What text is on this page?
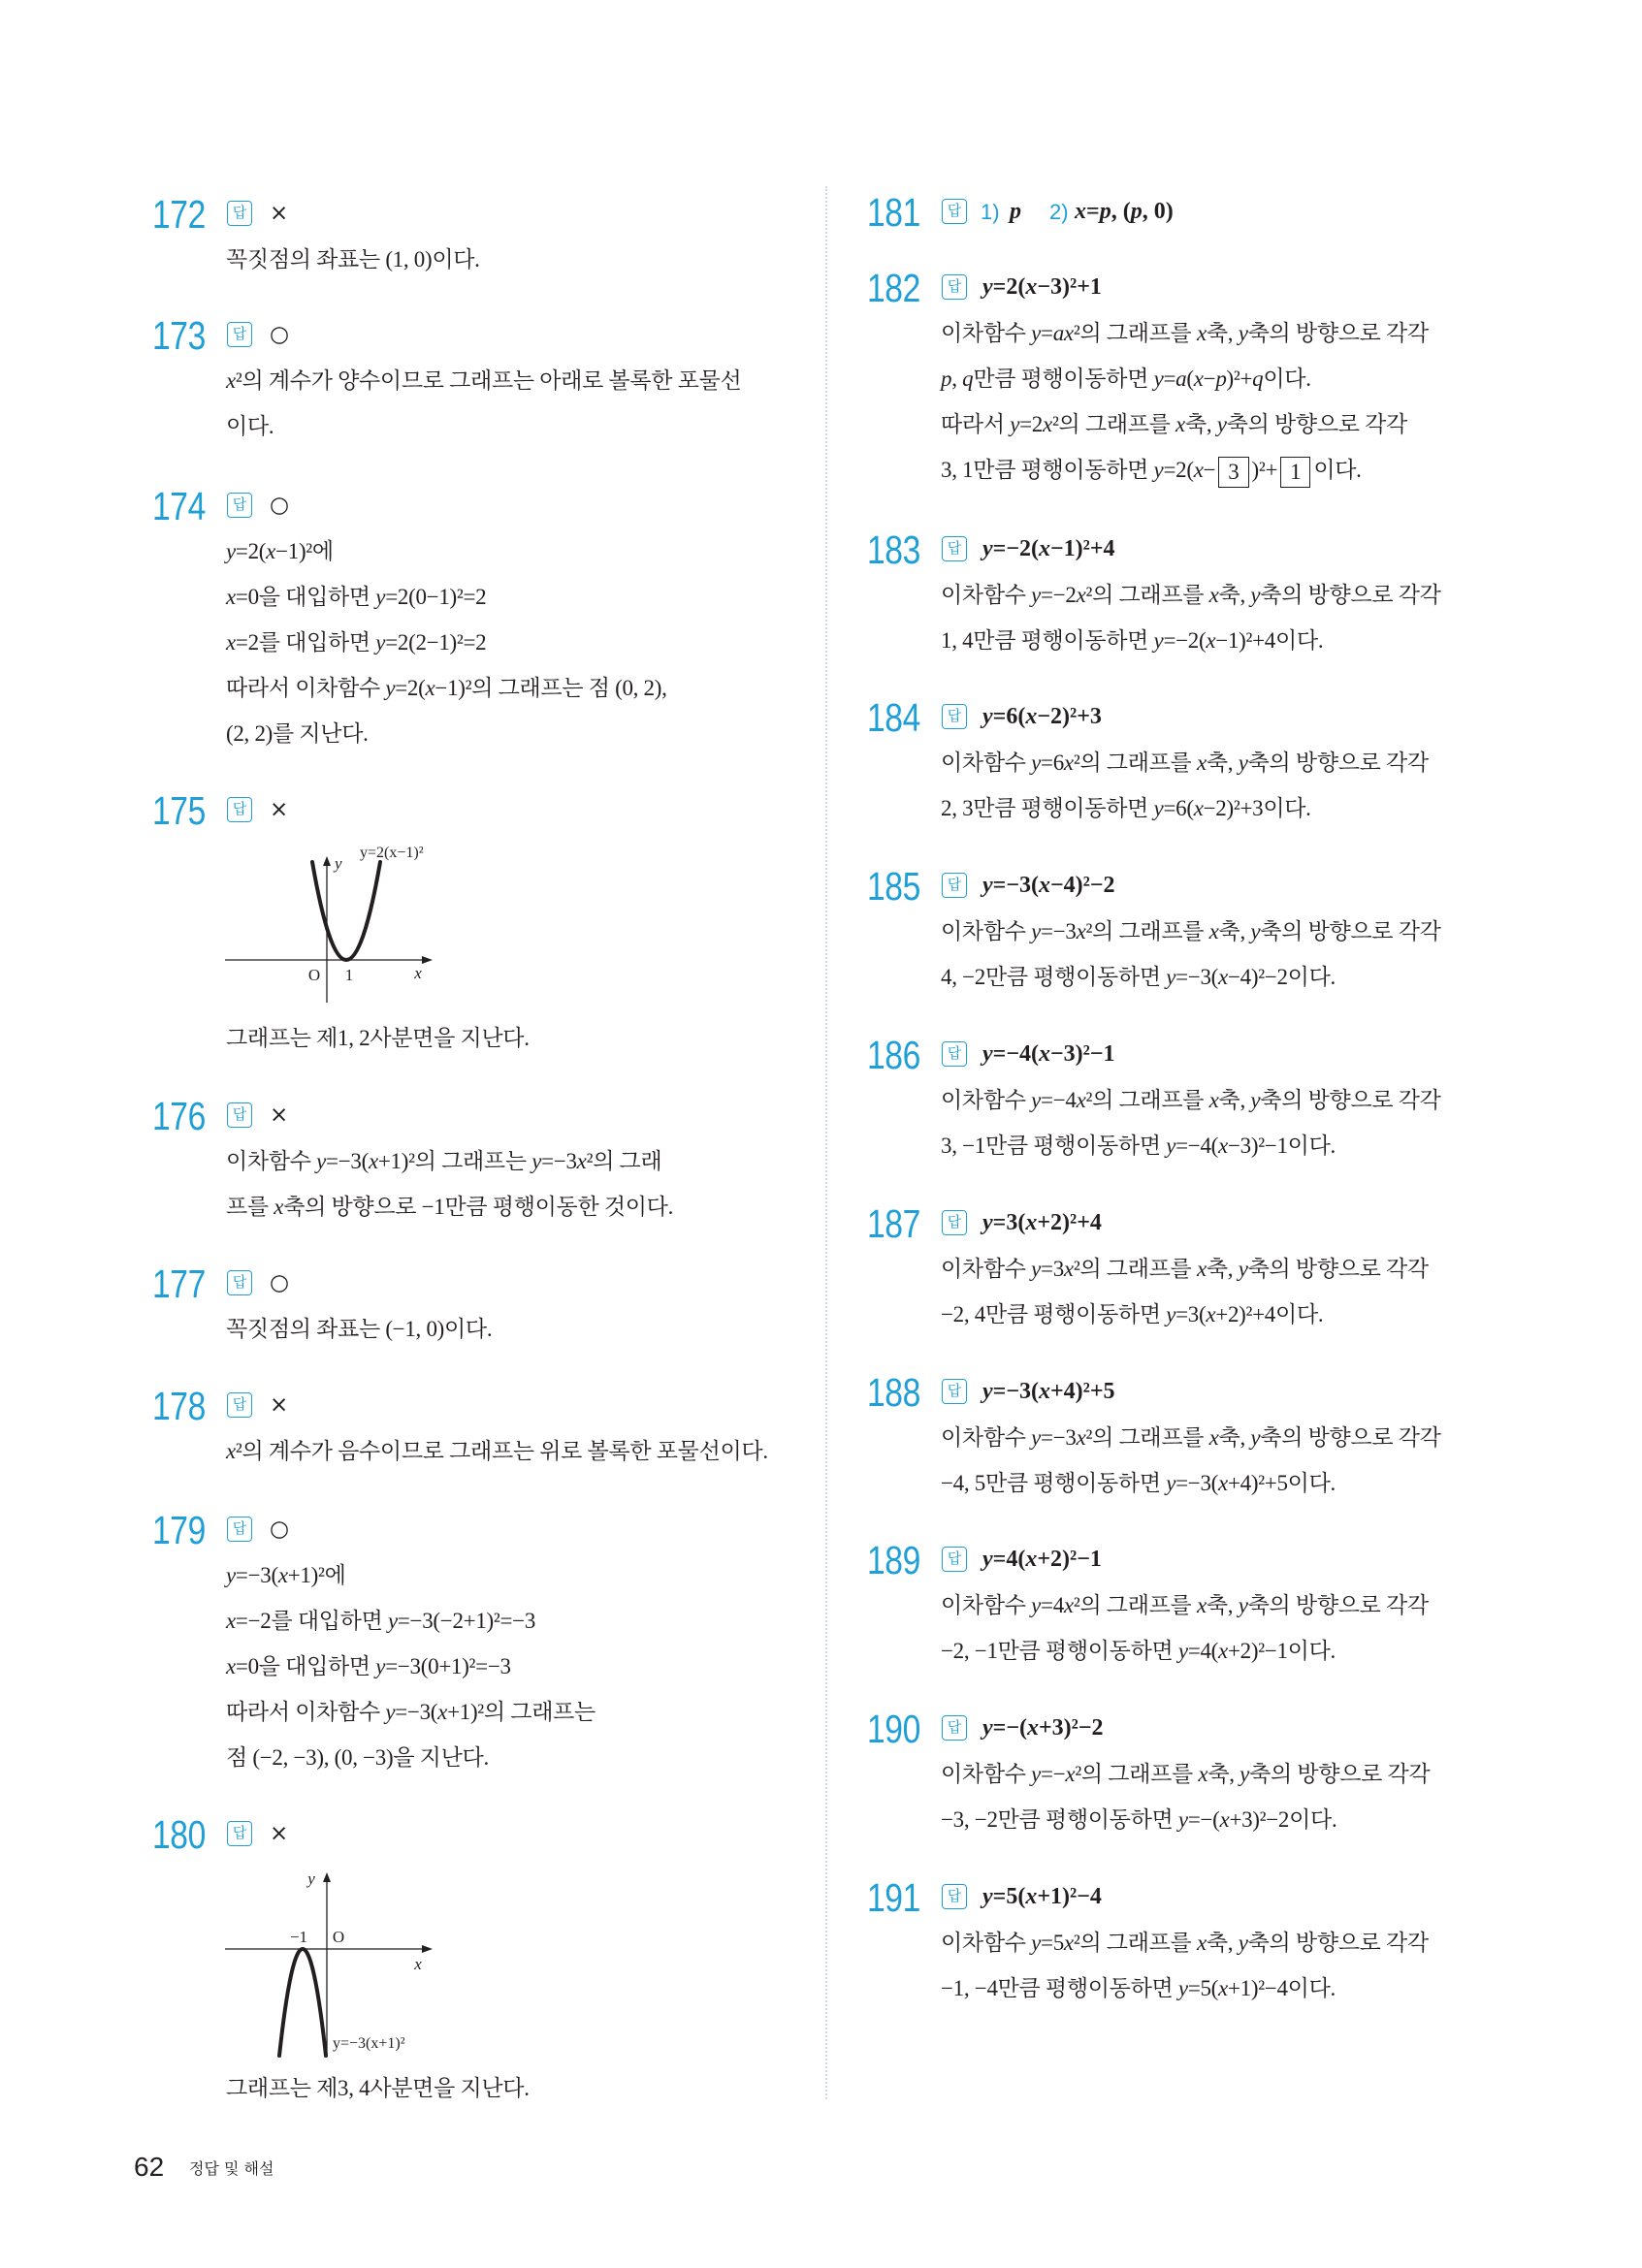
172	답 ×
꼭짓점의 좌표는 (1, 0)이다.
173	답 ○
x²의 계수가 양수이므로 그래프는 아래로 볼록한 포물선
이다.
174	답 ○
y=2(x−1)²에
x=0을 대입하면 y=2(0−1)²=2
x=2를 대입하면 y=2(2−1)²=2
따라서 이차함수 y=2(x−1)²의 그래프는 점 (0, 2),
(2, 2)를 지난다.
175	답 ×
y=2(x−1)²
y
O 1	x
그래프는 제1, 2사분면을 지난다.
176	답 ×
이차함수 y=−3(x+1)²의 그래프는 y=−3x²의 그래
프를 x축의 방향으로 −1만큼 평행이동한 것이다.
177	답 ○
꼭짓점의 좌표는 (−1, 0)이다.
178	답 ×
x²의 계수가 음수이므로 그래프는 위로 볼록한 포물선이다.
179	답 ○
y=−3(x+1)²에
x=−2를 대입하면 y=−3(−2+1)²=−3
x=0을 대입하면 y=−3(0+1)²=−3
따라서 이차함수 y=−3(x+1)²의 그래프는
점 (−2, −3), (0, −3)을 지난다.
180	답 ×
y
−1 O
x
y=−3(x+1)²
그래프는 제3, 4사분면을 지난다.
181	답 1) p 2) x=p, (p, 0)
182	답 y=2(x−3)²+1
이차함수 y=ax²의 그래프를 x축, y축의 방향으로 각각
p, q만큼 평행이동하면 y=a(x−p)²+q이다.
따라서 y=2x²의 그래프를 x축, y축의 방향으로 각각
3, 1만큼 평행이동하면 y=2(x− 3 )²+ 1 이다.
183	답 y=−2(x−1)²+4
이차함수 y=−2x²의 그래프를 x축, y축의 방향으로 각각
1, 4만큼 평행이동하면 y=−2(x−1)²+4이다.
184	답 y=6(x−2)²+3
이차함수 y=6x²의 그래프를 x축, y축의 방향으로 각각
2, 3만큼 평행이동하면 y=6(x−2)²+3이다.
185	답 y=−3(x−4)²−2
이차함수 y=−3x²의 그래프를 x축, y축의 방향으로 각각
4, −2만큼 평행이동하면 y=−3(x−4)²−2이다.
186	답 y=−4(x−3)²−1
이차함수 y=−4x²의 그래프를 x축, y축의 방향으로 각각
3, −1만큼 평행이동하면 y=−4(x−3)²−1이다.
187	답 y=3(x+2)²+4
이차함수 y=3x²의 그래프를 x축, y축의 방향으로 각각
−2, 4만큼 평행이동하면 y=3(x+2)²+4이다.
188	답 y=−3(x+4)²+5
이차함수 y=−3x²의 그래프를 x축, y축의 방향으로 각각
−4, 5만큼 평행이동하면 y=−3(x+4)²+5이다.
189	답 y=4(x+2)²−1
이차함수 y=4x²의 그래프를 x축, y축의 방향으로 각각
−2, −1만큼 평행이동하면 y=4(x+2)²−1이다.
190	답 y=−(x+3)²−2
이차함수 y=−x²의 그래프를 x축, y축의 방향으로 각각
−3, −2만큼 평행이동하면 y=−(x+3)²−2이다.
191	답 y=5(x+1)²−4
이차함수 y=5x²의 그래프를 x축, y축의 방향으로 각각
−1, −4만큼 평행이동하면 y=5(x+1)²−4이다.
62 정답 및 해설
